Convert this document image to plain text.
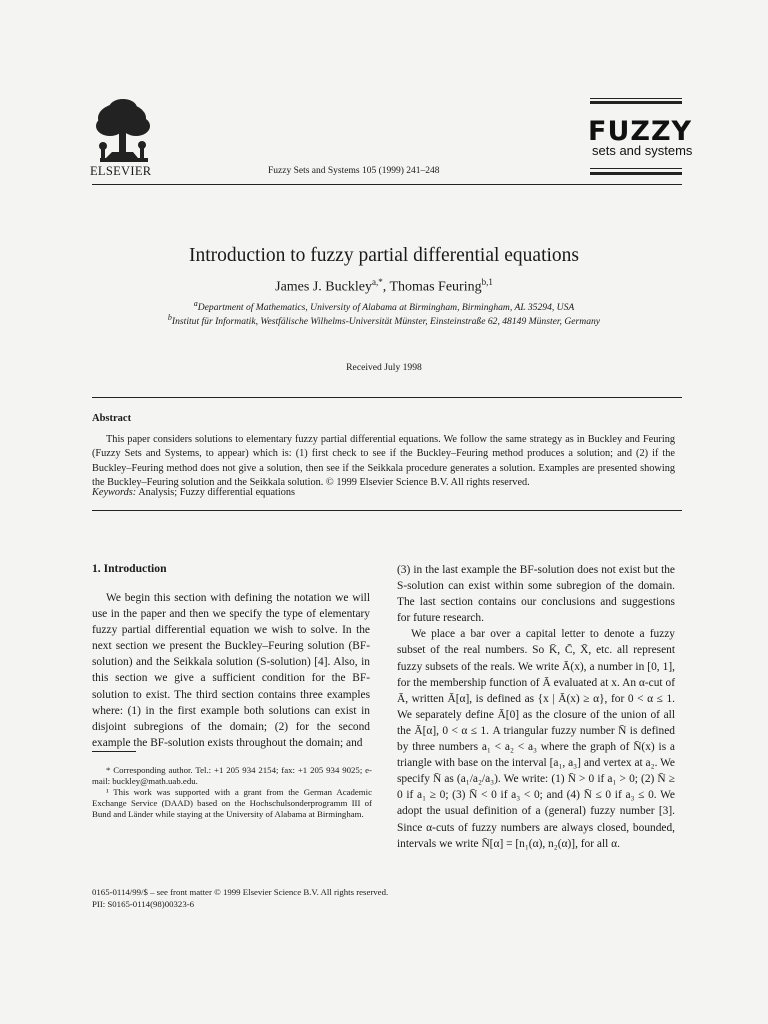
ELSEVIER	Fuzzy Sets and Systems 105 (1999) 241–248
FUZZY
sets and systems
Introduction to fuzzy partial differential equations
James J. Buckley$^{a,*}$, Thomas Feuring$^{b,1}$
$^a$Department of Mathematics, University of Alabama at Birmingham, Birmingham, AL 35294, USA
$^b$Institut für Informatik, Westfälische Wilhelms-Universität Münster, Einsteinstraße 62, 48149 Münster, Germany
Received July 1998
Abstract
This paper considers solutions to elementary fuzzy partial differential equations. We follow the same strategy as in Buckley and Feuring (Fuzzy Sets and Systems, to appear) which is: (1) first check to see if the Buckley–Feuring method produces a solution; and (2) if the Buckley–Feuring method does not give a solution, then see if the Seikkala procedure generates a solution. Examples are presented showing the Buckley–Feuring solution and the Seikkala solution. © 1999 Elsevier Science B.V. All rights reserved.
Keywords: Analysis; Fuzzy differential equations
1. Introduction

We begin this section with defining the notation we will use in the paper and then we specify the type of elementary fuzzy partial differential equation we wish to solve. In the next section we present the Buckley–Feuring solution (BF-solution) and the Seikkala solution (S-solution) [4]. Also, in this section we give a sufficient condition for the BF-solution to exist. The third section contains three examples where: (1) in the first example both solutions can exist in disjoint subregions of the domain; (2) for the second example the BF-solution exists throughout the domain; and

(3) in the last example the BF-solution does not exist but the S-solution can exist within some subregion of the domain. The last section contains our conclusions and suggestions for future research.

We place a bar over a capital letter to denote a fuzzy subset of the real numbers. So K̄, C̄, X̄, etc. all represent fuzzy subsets of the reals. We write Ā(x), a number in [0, 1], for the membership function of Ā evaluated at x. An α-cut of Ā, written Ā[α], is defined as {x | Ā(x) ≥ α}, for 0 < α ≤ 1. We separately define Ā[0] as the closure of the union of all the Ā[α], 0 < α ≤ 1. A triangular fuzzy number N̄ is defined by three numbers a₁ < a₂ < a₃ where the graph of N̄(x) is a triangle with base on the interval [a₁, a₃] and vertex at a₂. We specify N̄ as (a₁/a₂/a₃). We write: (1) N̄ > 0 if a₁ > 0; (2) N̄ ≥ 0 if a₁ ≥ 0; (3) N̄ < 0 if a₃ < 0; and (4) N̄ ≤ 0 if a₃ ≤ 0. We adopt the usual definition of a (general) fuzzy number [3]. Since α-cuts of fuzzy numbers are always closed, bounded, intervals we write N̄[α] = [n₁(α), n₂(α)], for all α.

* Corresponding author. Tel.: +1 205 934 2154; fax: +1 205 934 9025; e-mail: buckley@math.uab.edu.

¹ This work was supported with a grant from the German Academic Exchange Service (DAAD) based on the Hochschulsonderprogramm III of Bund and Länder while staying at the University of Alabama at Birmingham.

0165-0114/99/$ – see front matter © 1999 Elsevier Science B.V. All rights reserved.
PII: S0165-0114(98)00323-6
